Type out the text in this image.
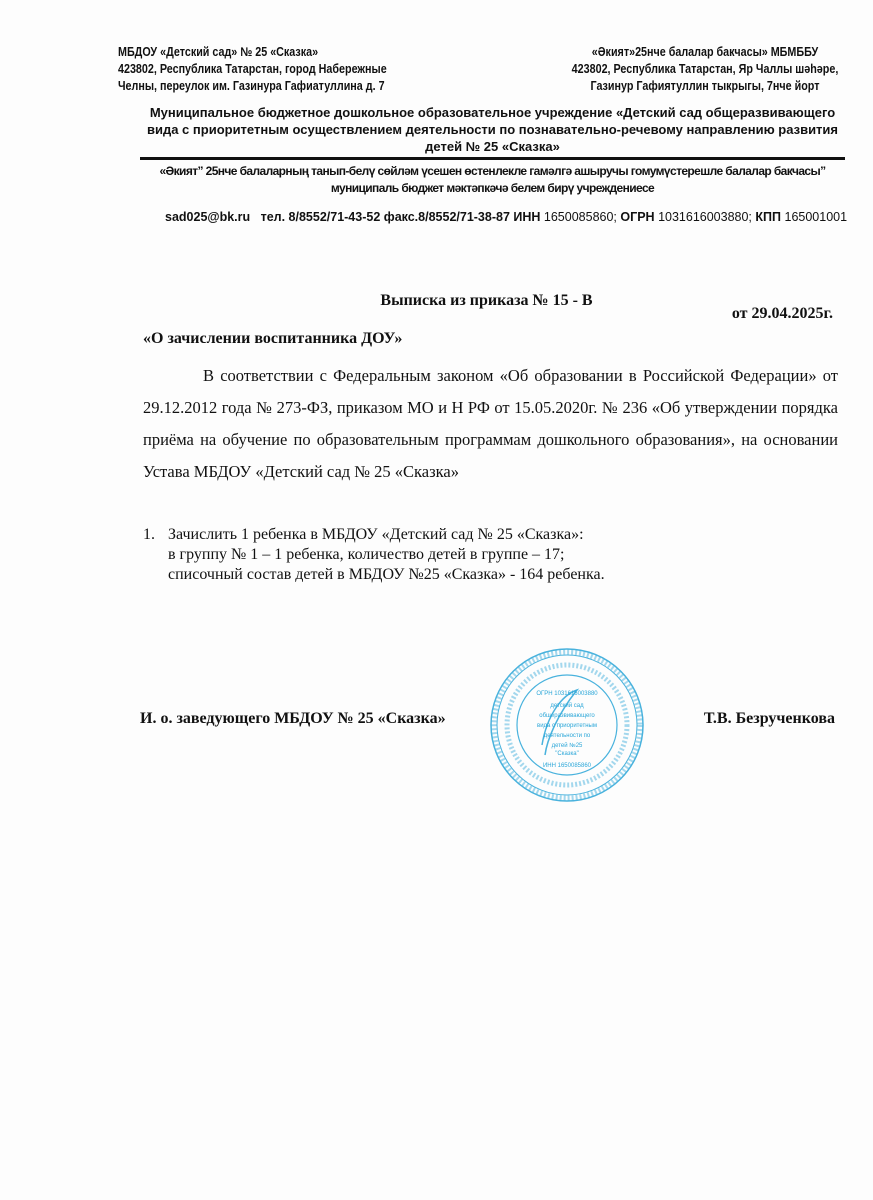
МБДОУ «Детский сад» № 25 «Сказка»
423802, Республика Татарстан, город Набережные
Челны, переулок им. Газинура Гафиатуллина д. 7
«Әкият»25нче балалар бакчасы» МБМББУ
423802, Республика Татарстан, Яр Чаллы шәһәре,
Газинур Гафиятуллин тыкрыгы, 7нче йорт
Муниципальное бюджетное дошкольное образовательное учреждение «Детский сад общеразвивающего вида с приоритетным осуществлением деятельности по познавательно-речевому направлению развития детей № 25 «Сказка»
«Әкият” 25нче балаларның танып-белү сөйләм үсешен өстенлекле гамәлгә ашыручы гомумүстерешле балалар бакчасы” муниципаль бюджет мәктәпкәчә белем бирү учреждениесе
sad025@bk.ru тел. 8/8552/71-43-52 факс.8/8552/71-38-87 ИНН 1650085860; ОГРН 1031616003880; КПП 165001001
Выписка из приказа № 15 - В
от 29.04.2025г.
«О зачислении воспитанника ДОУ»

В соответствии с Федеральным законом «Об образовании в Российской Федерации» от 29.12.2012 года № 273-ФЗ, приказом МО и Н РФ от 15.05.2020г. № 236 «Об утверждении порядка приёма на обучение по образовательным программам дошкольного образования», на основании Устава МБДОУ «Детский сад № 25 «Сказка»

1. Зачислить 1 ребенка в МБДОУ «Детский сад № 25 «Сказка»:
в группу № 1 – 1 ребенка, количество детей в группе – 17;
списочный состав детей в МБДОУ №25 «Сказка» - 164 ребенка.
И. о. заведующего МБДОУ № 25 «Сказка»	Т.В. Безрученкова
ОГРН 1031616003880
детский сад
общеразвивающего
вида с приоритетным
деятельности по
детей №25
"Сказка"
ИНН 1650085860
